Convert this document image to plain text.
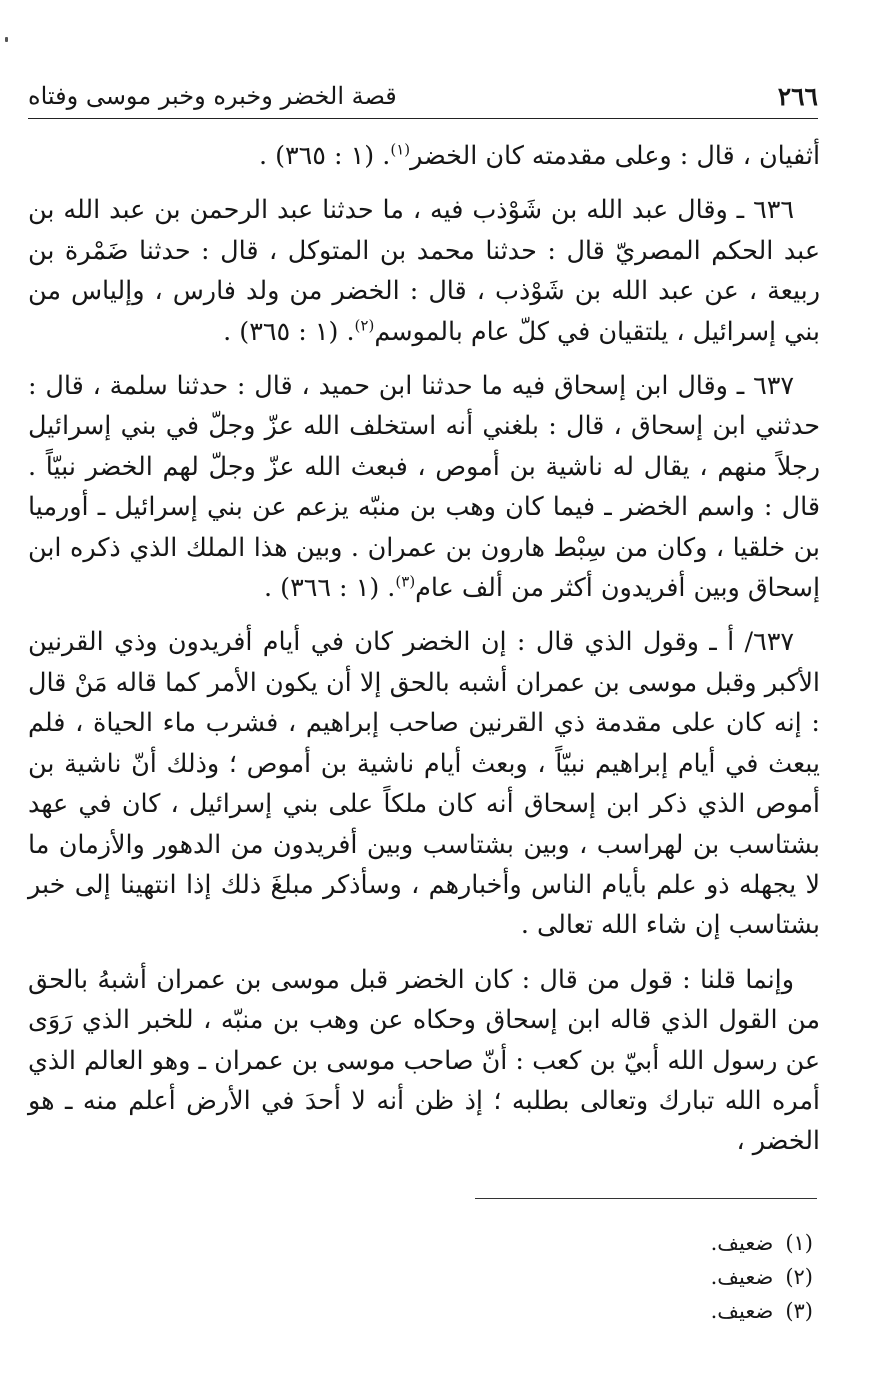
٢٦٦
قصة الخضر وخبره وخبر موسى وفتاه

أثفيان ، قال : وعلى مقدمته كان الخضر$^{(١)}$. (١ : ٣٦٥) .

٦٣٦ ـ وقال عبد الله بن شَوْذب فيه ، ما حدثنا عبد الرحمن بن عبد الله بن عبد الحكم المصريّ قال : حدثنا محمد بن المتوكل ، قال : حدثنا ضَمْرة بن ربيعة ، عن عبد الله بن شَوْذب ، قال : الخضر من ولد فارس ، وإلياس من بني إسرائيل ، يلتقيان في كلّ عام بالموسم$^{(٢)}$. (١ : ٣٦٥) .

٦٣٧ ـ وقال ابن إسحاق فيه ما حدثنا ابن حميد ، قال : حدثنا سلمة ، قال : حدثني ابن إسحاق ، قال : بلغني أنه استخلف الله عزّ وجلّ في بني إسرائيل رجلاً منهم ، يقال له ناشية بن أموص ، فبعث الله عزّ وجلّ لهم الخضر نبيّاً . قال : واسم الخضر ـ فيما كان وهب بن منبّه يزعم عن بني إسرائيل ـ أورميا بن خلقيا ، وكان من سِبْط هارون بن عمران . وبين هذا الملك الذي ذكره ابن إسحاق وبين أفريدون أكثر من ألف عام$^{(٣)}$. (١ : ٣٦٦) .

٦٣٧/ أ ـ وقول الذي قال : إن الخضر كان في أيام أفريدون وذي القرنين الأكبر وقبل موسى بن عمران أشبه بالحق إلا أن يكون الأمر كما قاله مَنْ قال : إنه كان على مقدمة ذي القرنين صاحب إبراهيم ، فشرب ماء الحياة ، فلم يبعث في أيام إبراهيم نبيّاً ، وبعث أيام ناشية بن أموص ؛ وذلك أنّ ناشية بن أموص الذي ذكر ابن إسحاق أنه كان ملكاً على بني إسرائيل ، كان في عهد بشتاسب بن لهراسب ، وبين بشتاسب وبين أفريدون من الدهور والأزمان ما لا يجهله ذو علم بأيام الناس وأخبارهم ، وسأذكر مبلغَ ذلك إذا انتهينا إلى خبر بشتاسب إن شاء الله تعالى .

وإنما قلنا : قول من قال : كان الخضر قبل موسى بن عمران أشبهُ بالحق من القول الذي قاله ابن إسحاق وحكاه عن وهب بن منبّه ، للخبر الذي رَوَى عن رسول الله أبيّ بن كعب : أنّ صاحب موسى بن عمران ـ وهو العالم الذي أمره الله تبارك وتعالى بطلبه ؛ إذ ظن أنه لا أحدَ في الأرض أعلم منه ـ هو الخضر ،

(١)ضعيف.
(٢)ضعيف.
(٣)ضعيف.
